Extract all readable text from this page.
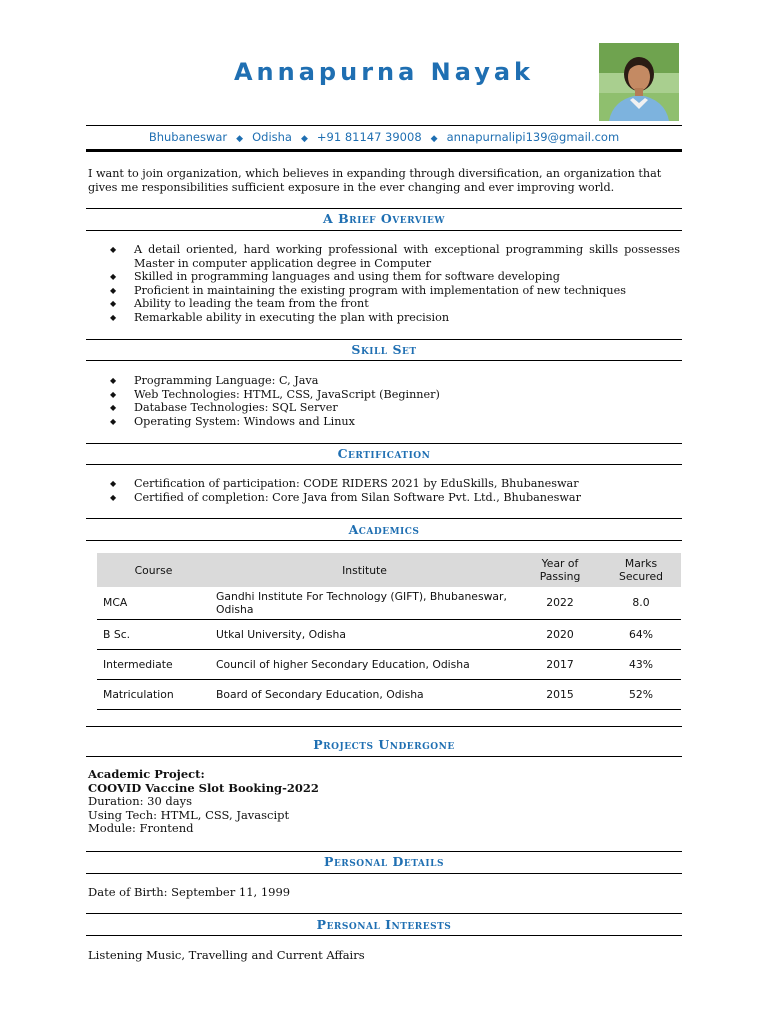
Annapurna Nayak
Bhubaneswar ◆ Odisha ◆ +91 81147 39008 ◆ annapurnalipi139@gmail.com
I want to join organization, which believes in expanding through diversification, an organization that gives me responsibilities sufficient exposure in the ever changing and ever improving world.
A Brief Overview
◆ A detail oriented, hard working professional with exceptional programming skills possesses Master in computer application degree in Computer
◆ Skilled in programming languages and using them for software developing
◆ Proficient in maintaining the existing program with implementation of new techniques
◆ Ability to leading the team from the front
◆ Remarkable ability in executing the plan with precision
Skill Set
◆ Programming Language: C, Java
◆ Web Technologies: HTML, CSS, JavaScript (Beginner)
◆ Database Technologies: SQL Server
◆ Operating System: Windows and Linux
Certification
◆ Certification of participation: CODE RIDERS 2021 by EduSkills, Bhubaneswar
◆ Certified of completion: Core Java from Silan Software Pvt. Ltd., Bhubaneswar
Academics
Course	Institute	Year of Passing	Marks Secured
MCA	Gandhi Institute For Technology (GIFT), Bhubaneswar, Odisha	2022	8.0
B Sc.	Utkal University, Odisha	2020	64%
Intermediate	Council of higher Secondary Education, Odisha	2017	43%
Matriculation	Board of Secondary Education, Odisha	2015	52%
Projects Undergone
Academic Project:
COOVID Vaccine Slot Booking-2022
Duration: 30 days
Using Tech: HTML, CSS, Javascipt
Module: Frontend
Personal Details
Date of Birth: September 11, 1999
Personal Interests
Listening Music, Travelling and Current Affairs
